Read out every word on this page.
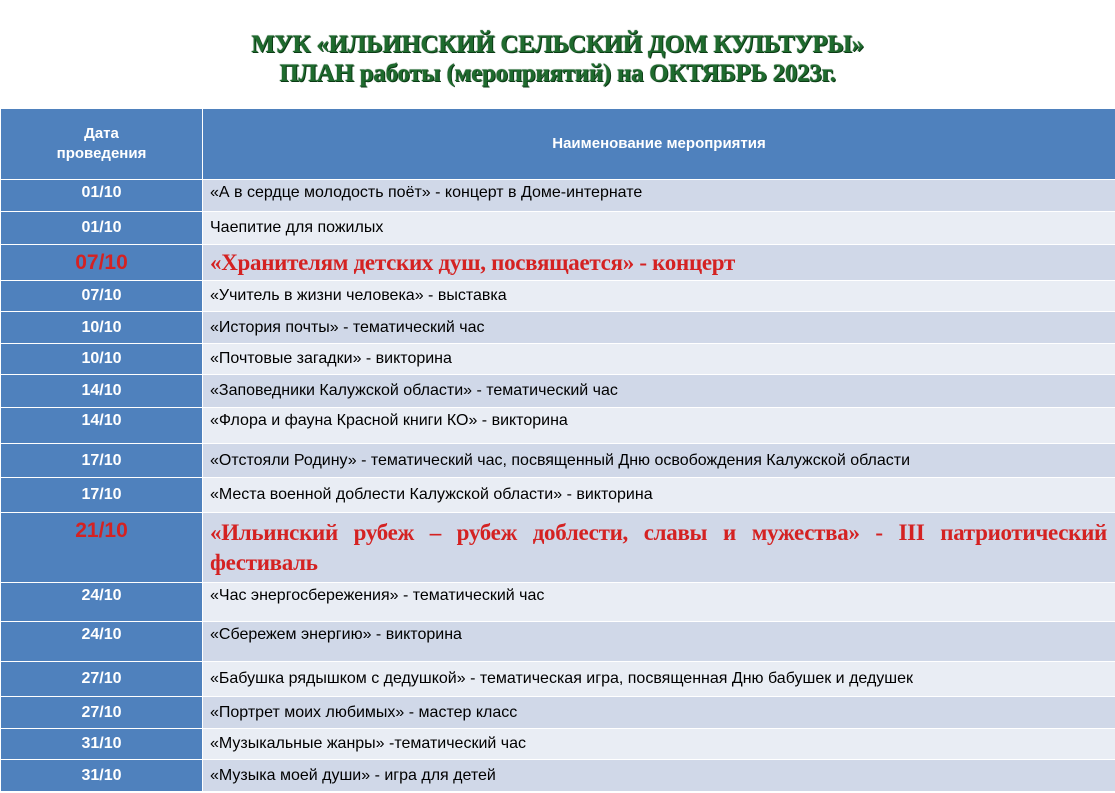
МУК «ИЛЬИНСКИЙ СЕЛЬСКИЙ ДОМ КУЛЬТУРЫ»
ПЛАН работы (мероприятий) на ОКТЯБРЬ 2023г.
Дата
проведения	Наименование мероприятия
01/10	«А в сердце молодость поёт» - концерт в Доме-интернате
01/10	Чаепитие для пожилых
07/10	«Хранителям детских душ, посвящается» - концерт
07/10	«Учитель в жизни человека» - выставка
10/10	«История почты» - тематический час
10/10	«Почтовые загадки» - викторина
14/10	«Заповедники Калужской области» - тематический час
14/10	«Флора и фауна Красной книги КО» - викторина
17/10	«Отстояли Родину» - тематический час, посвященный Дню освобождения Калужской области
17/10	«Места военной доблести Калужской области» - викторина
21/10	«Ильинский рубеж – рубеж доблести, славы и мужества» - III патриотический фестиваль
24/10	«Час энергосбережения» - тематический час
24/10	«Сбережем энергию» - викторина
27/10	«Бабушка рядышком с дедушкой» - тематическая игра, посвященная Дню бабушек и дедушек
27/10	«Портрет моих любимых» - мастер класс
31/10	«Музыкальные жанры» -тематический час
31/10	«Музыка моей души» - игра для детей
